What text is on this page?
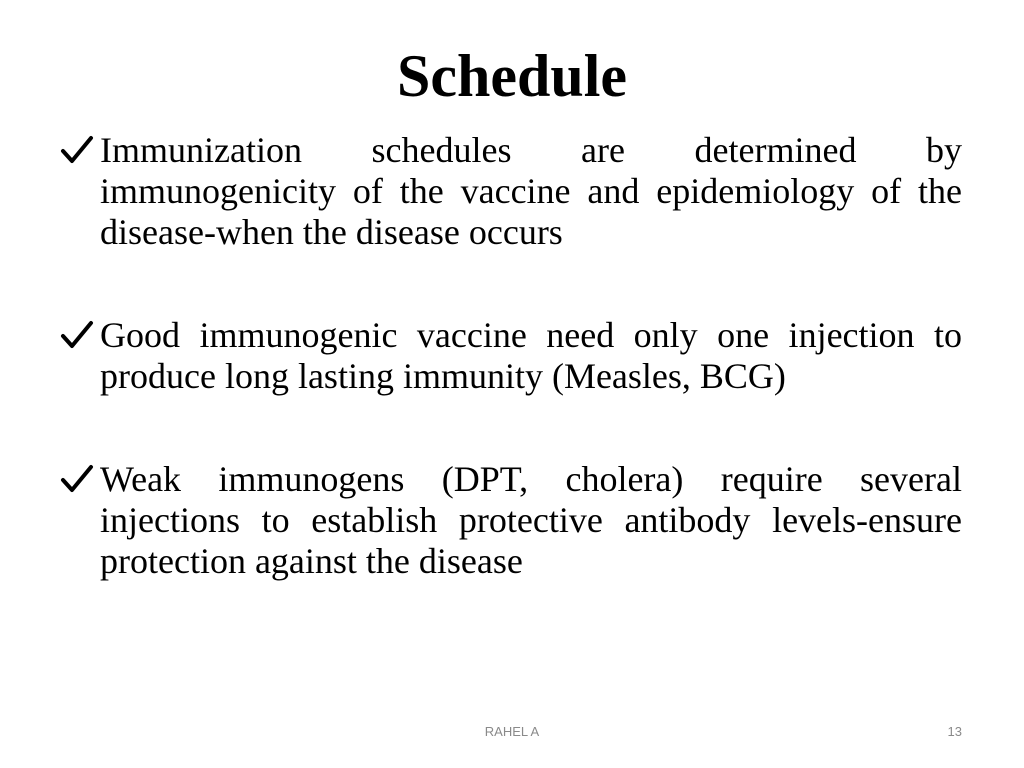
Schedule
Immunization schedules are determined by immunogenicity of the vaccine and epidemiology of the disease-when the disease occurs
Good immunogenic vaccine need only one injection to produce long lasting immunity (Measles, BCG)
Weak immunogens (DPT, cholera) require several injections to establish protective antibody levels-ensure protection against the disease
RAHEL A	13
